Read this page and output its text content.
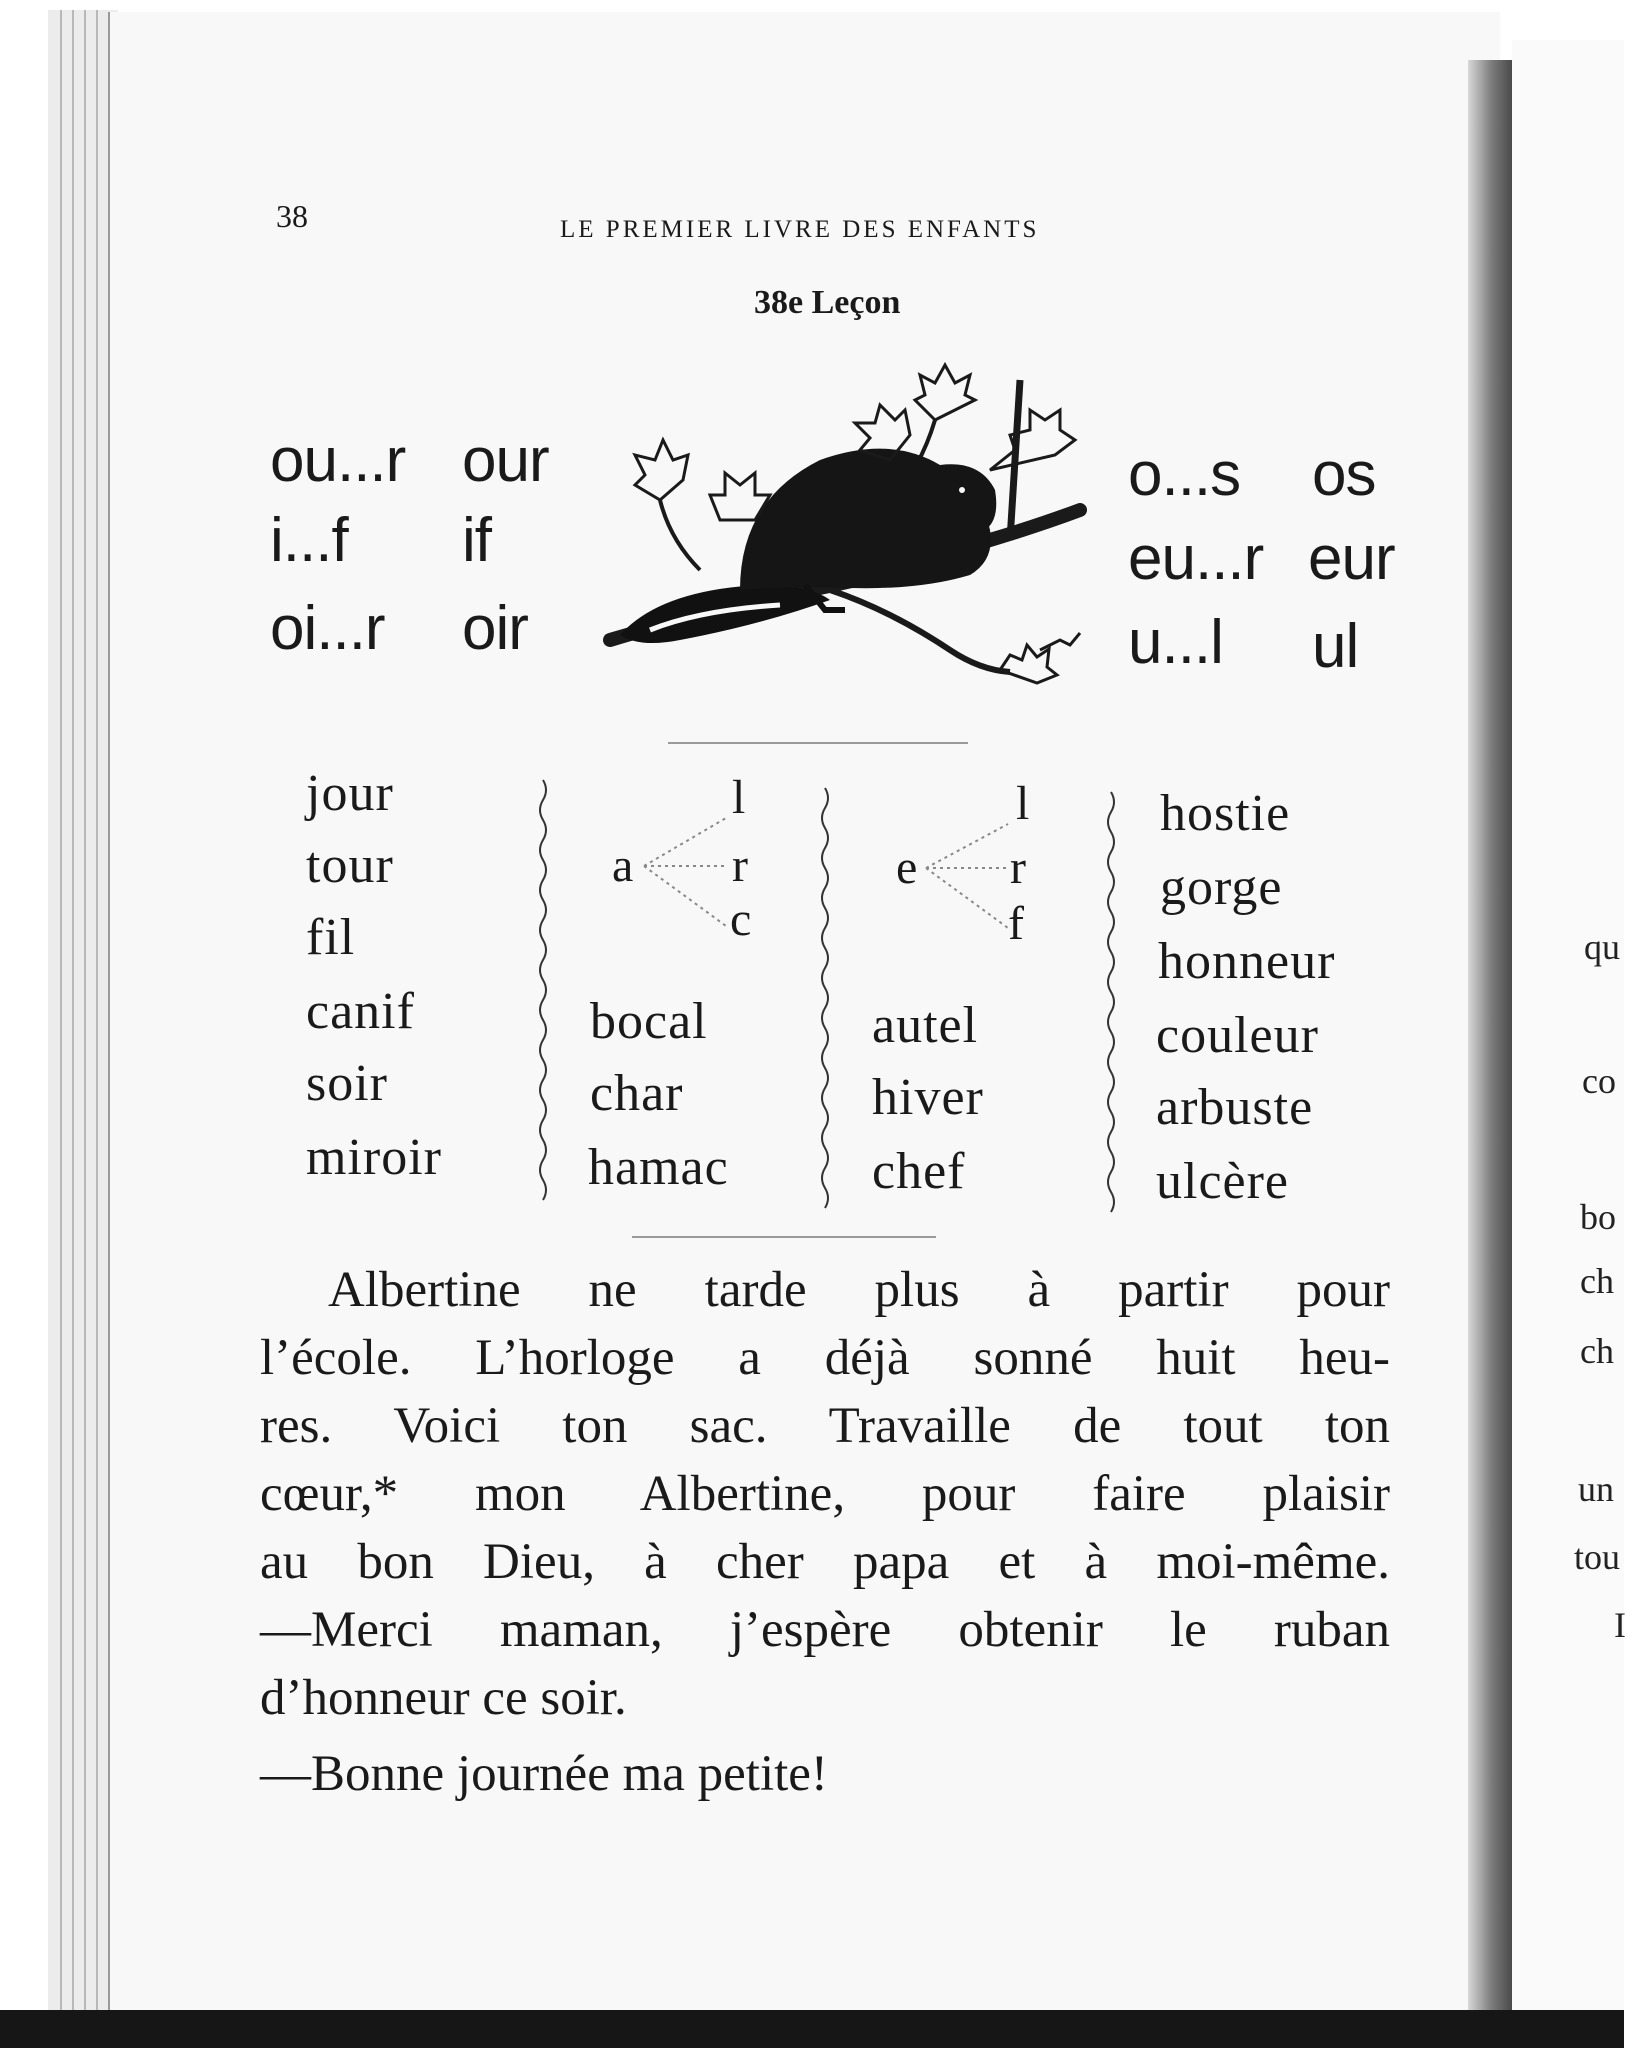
38	LE PREMIER LIVRE DES ENFANTS
38e Leçon
ou...r our
i...f if
oi...r oir
o...s os
eu...r eur
u...l ul
jour
tour
fil
canif
soir
miroir
a
l
r
c
bocal
char
hamac
e
l
r
f
autel
hiver
chef
hostie
gorge
honneur
couleur
arbuste
ulcère
Albertine ne tarde plus à partir pour
l’école. L’horloge a déjà sonné huit heu-
res. Voici ton sac. Travaille de tout ton
cœur,* mon Albertine, pour faire plaisir
au bon Dieu, à cher papa et à moi-même.
—Merci maman, j’espère obtenir le ruban
d’honneur ce soir.
—Bonne journée ma petite!
qu
co
bo
ch
ch
un
tou
I
